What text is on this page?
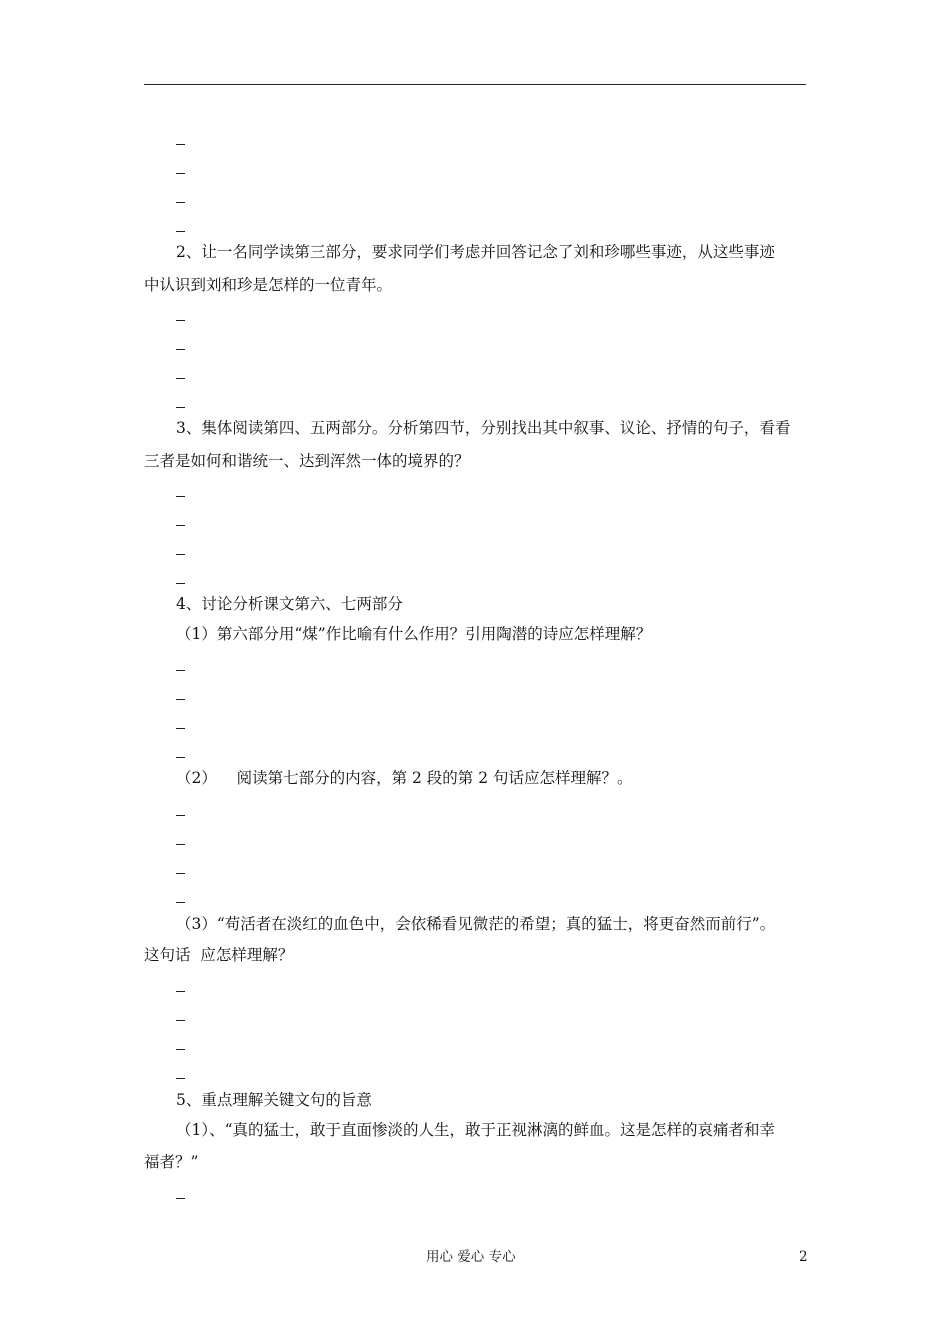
2、让一名同学读第三部分，要求同学们考虑并回答记念了刘和珍哪些事迹，从这些事迹
中认识到刘和珍是怎样的一位青年。
3、集体阅读第四、五两部分。分析第四节，分别找出其中叙事、议论、抒情的句子，看看
三者是如何和谐统一、达到浑然一体的境界的？
4、讨论分析课文第六、七两部分
（1）第六部分用“煤”作比喻有什么作用？引用陶潜的诗应怎样理解？
（2）    阅读第七部分的内容，第 2 段的第 2 句话应怎样理解？。
（3）“苟活者在淡红的血色中，会依稀看见微茫的希望；真的猛士，将更奋然而前行”。
这句话  应怎样理解？
5、重点理解关键文句的旨意
（1）、“真的猛士，敢于直面惨淡的人生，敢于正视淋漓的鲜血。这是怎样的哀痛者和幸
福者？”
用心 爱心 专心	2
